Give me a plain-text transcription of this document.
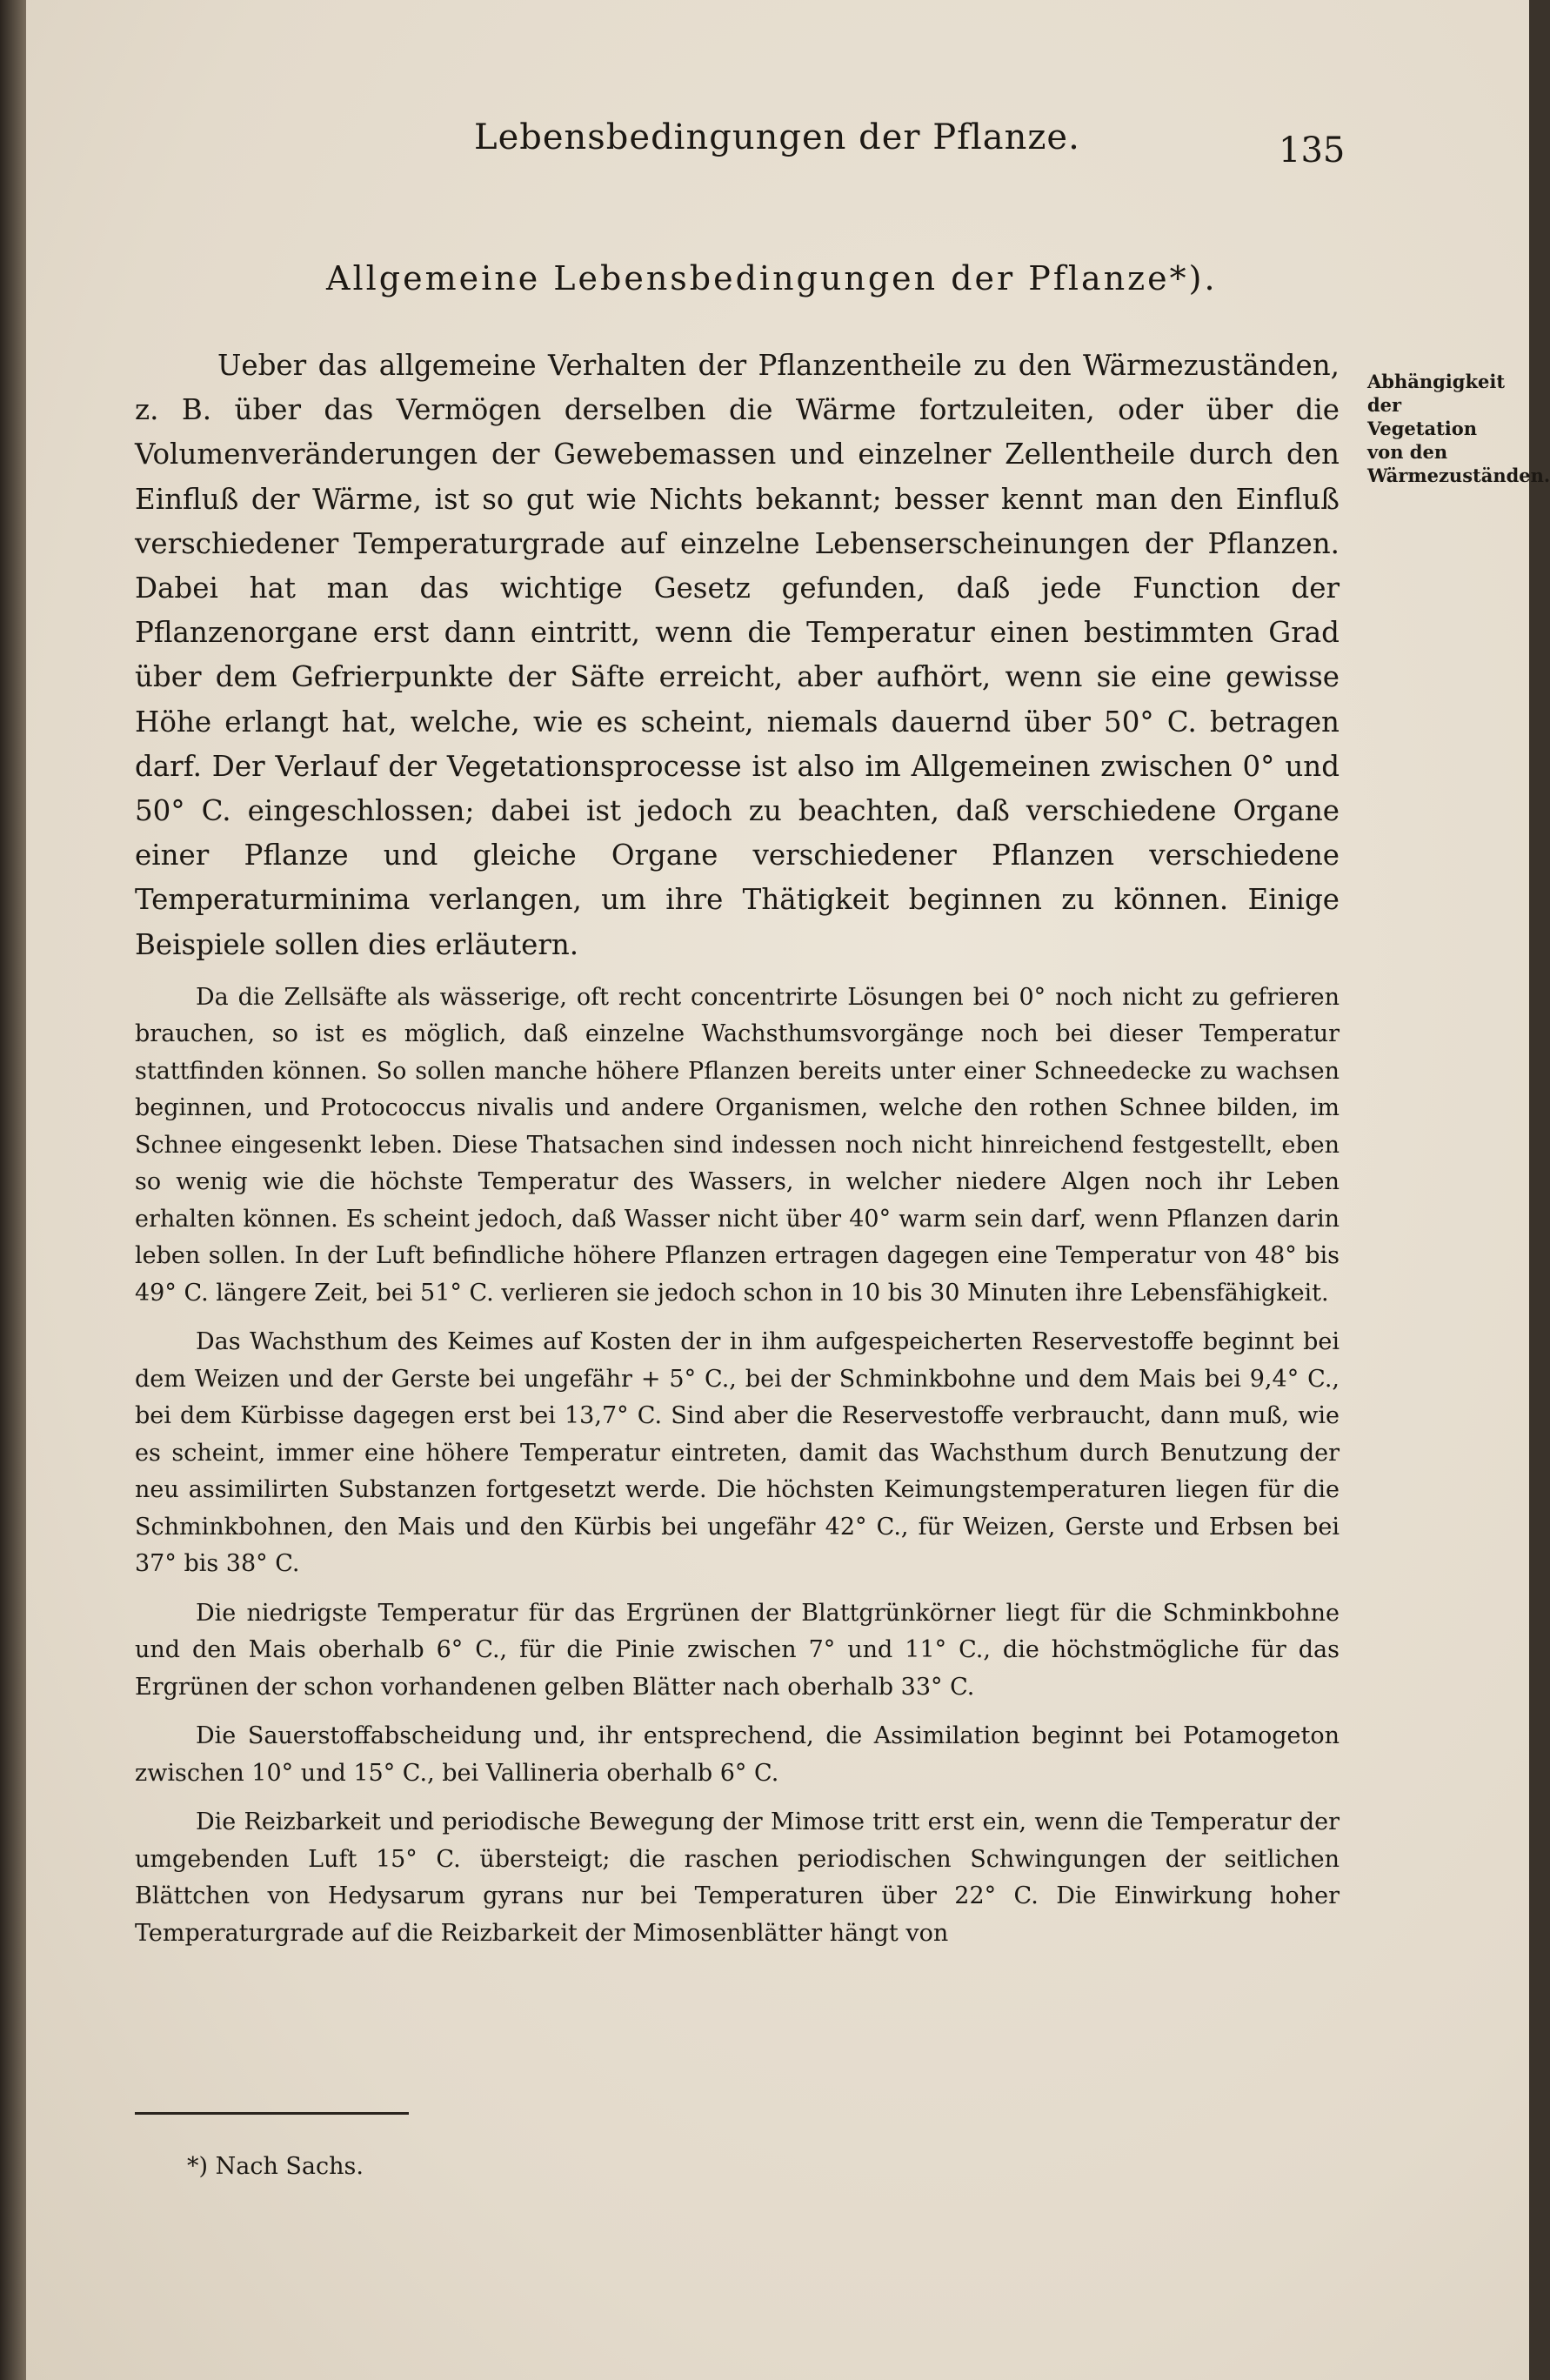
Lebensbedingungen der Pflanze.	135
Allgemeine Lebensbedingungen der Pflanze*).
Abhängigkeit der Vegetation von den Wärmezuständen.

Ueber das allgemeine Verhalten der Pflanzentheile zu den Wärmezuständen, z. B. über das Vermögen derselben die Wärme fortzuleiten, oder über die Volumenveränderungen der Gewebemassen und einzelner Zellentheile durch den Einfluß der Wärme, ist so gut wie Nichts bekannt; besser kennt man den Einfluß verschiedener Temperaturgrade auf einzelne Lebenserscheinungen der Pflanzen. Dabei hat man das wichtige Gesetz gefunden, daß jede Function der Pflanzenorgane erst dann eintritt, wenn die Temperatur einen bestimmten Grad über dem Gefrierpunkte der Säfte erreicht, aber aufhört, wenn sie eine gewisse Höhe erlangt hat, welche, wie es scheint, niemals dauernd über 50° C. betragen darf. Der Verlauf der Vegetationsprocesse ist also im Allgemeinen zwischen 0° und 50° C. eingeschlossen; dabei ist jedoch zu beachten, daß verschiedene Organe einer Pflanze und gleiche Organe verschiedener Pflanzen verschiedene Temperaturminima verlangen, um ihre Thätigkeit beginnen zu können. Einige Beispiele sollen dies erläutern.

Da die Zellsäfte als wässerige, oft recht concentrirte Lösungen bei 0° noch nicht zu gefrieren brauchen, so ist es möglich, daß einzelne Wachsthumsvorgänge noch bei dieser Temperatur stattfinden können. So sollen manche höhere Pflanzen bereits unter einer Schneedecke zu wachsen beginnen, und Protococcus nivalis und andere Organismen, welche den rothen Schnee bilden, im Schnee eingesenkt leben. Diese Thatsachen sind indessen noch nicht hinreichend festgestellt, eben so wenig wie die höchste Temperatur des Wassers, in welcher niedere Algen noch ihr Leben erhalten können. Es scheint jedoch, daß Wasser nicht über 40° warm sein darf, wenn Pflanzen darin leben sollen. In der Luft befindliche höhere Pflanzen ertragen dagegen eine Temperatur von 48° bis 49° C. längere Zeit, bei 51° C. verlieren sie jedoch schon in 10 bis 30 Minuten ihre Lebensfähigkeit.

Das Wachsthum des Keimes auf Kosten der in ihm aufgespeicherten Reservestoffe beginnt bei dem Weizen und der Gerste bei ungefähr + 5° C., bei der Schminkbohne und dem Mais bei 9,4° C., bei dem Kürbisse dagegen erst bei 13,7° C. Sind aber die Reservestoffe verbraucht, dann muß, wie es scheint, immer eine höhere Temperatur eintreten, damit das Wachsthum durch Benutzung der neu assimilirten Substanzen fortgesetzt werde. Die höchsten Keimungstemperaturen liegen für die Schminkbohnen, den Mais und den Kürbis bei ungefähr 42° C., für Weizen, Gerste und Erbsen bei 37° bis 38° C.

Die niedrigste Temperatur für das Ergrünen der Blattgrünkörner liegt für die Schminkbohne und den Mais oberhalb 6° C., für die Pinie zwischen 7° und 11° C., die höchstmögliche für das Ergrünen der schon vorhandenen gelben Blätter nach oberhalb 33° C.

Die Sauerstoffabscheidung und, ihr entsprechend, die Assimilation beginnt bei Potamogeton zwischen 10° und 15° C., bei Vallineria oberhalb 6° C.

Die Reizbarkeit und periodische Bewegung der Mimose tritt erst ein, wenn die Temperatur der umgebenden Luft 15° C. übersteigt; die raschen periodischen Schwingungen der seitlichen Blättchen von Hedysarum gyrans nur bei Temperaturen über 22° C. Die Einwirkung hoher Temperaturgrade auf die Reizbarkeit der Mimosenblätter hängt von

*) Nach Sachs.
